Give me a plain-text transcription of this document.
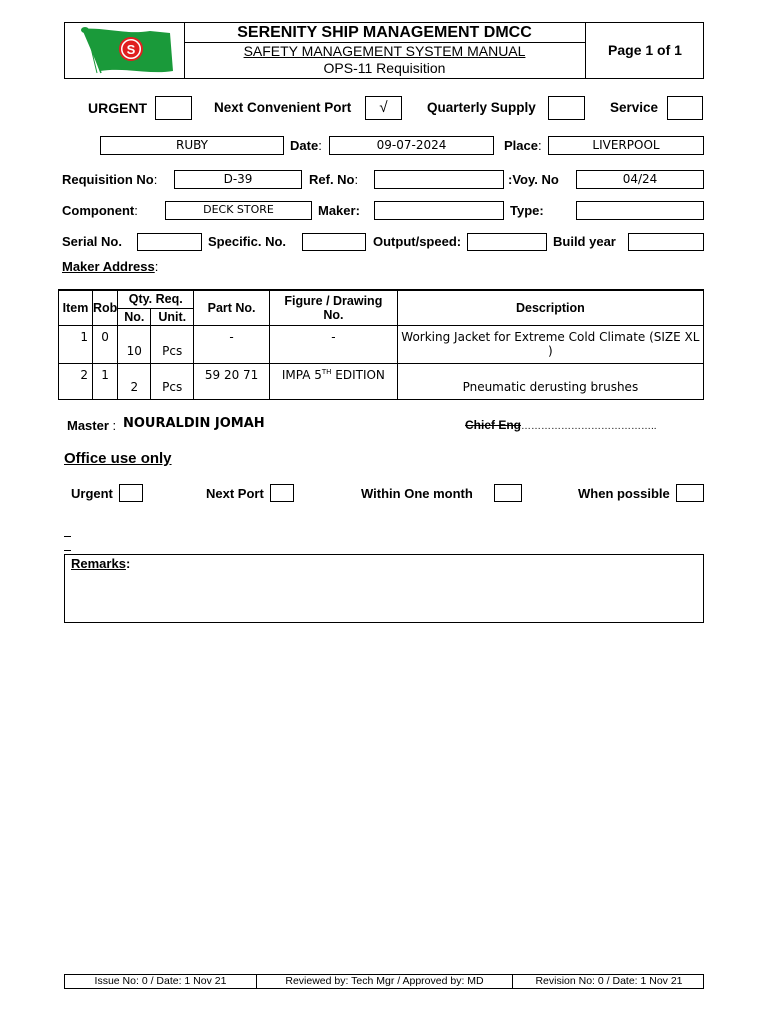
S
SERENITY SHIP MANAGEMENT DMCC
SAFETY MANAGEMENT SYSTEM MANUAL
OPS-11 Requisition
Page 1 of 1
URGENT	Next Convenient Port	√	Quarterly Supply	Service
RUBY	Date:	09-07-2024	Place:	LIVERPOOL
Requisition No:	D-39	Ref. No:	:Voy. No	04/24
Component:	DECK STORE	Maker:	Type:
Serial No.	Specific. No.	Output/speed:	Build year
Maker Address:
Item	Rob	Qty. Req.		Part No.	Figure / Drawing No.	Description
		No.	Unit.			
1	0	10	Pcs	-	-	Working Jacket for Extreme Cold Climate (SIZE XL )
2	1	2	Pcs	59 20 71	IMPA 5TH EDITION	Pneumatic derusting brushes
Master : NOURALDIN JOMAH	Chief Eng…………………………………..
Office use only
Urgent	Next Port	Within One month	When possible
Remarks:
Issue No: 0 / Date: 1 Nov 21	Reviewed by: Tech Mgr / Approved by: MD	Revision No: 0 / Date: 1 Nov 21
